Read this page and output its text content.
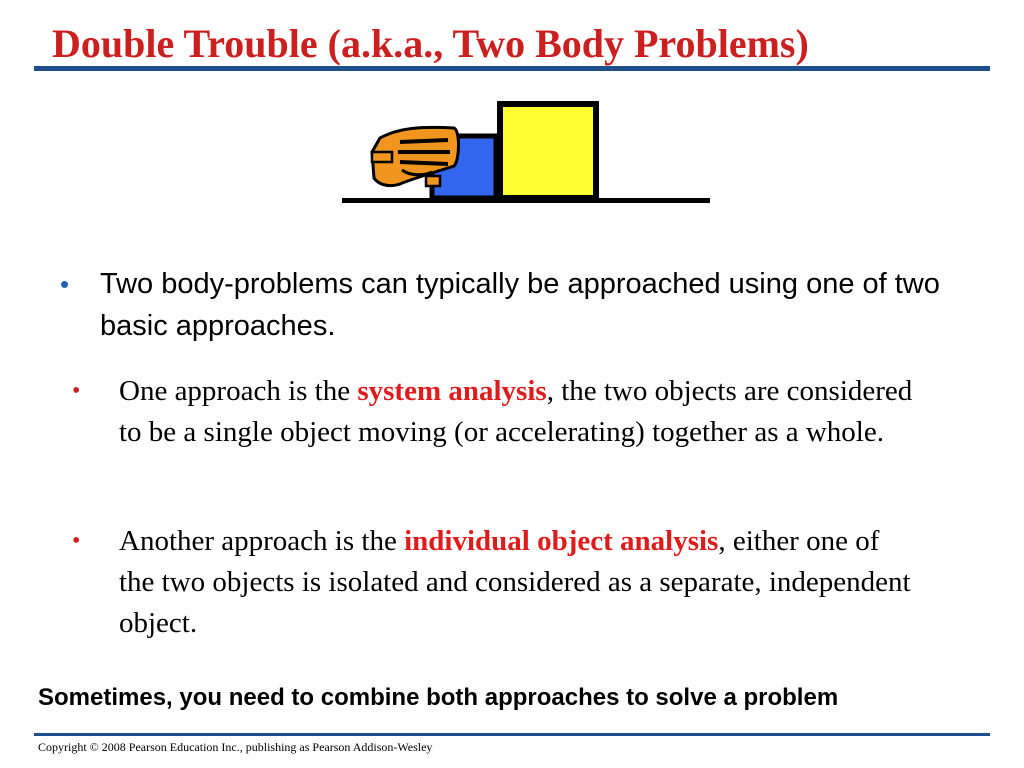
Double Trouble (a.k.a., Two Body Problems)
• Two body-problems can typically be approached using one of two basic approaches.
• One approach is the system analysis, the two objects are considered to be a single object moving (or accelerating) together as a whole.
• Another approach is the individual object analysis, either one of the two objects is isolated and considered as a separate, independent object.

Sometimes, you need to combine both approaches to solve a problem

Copyright © 2008 Pearson Education Inc., publishing as Pearson Addison-Wesley
